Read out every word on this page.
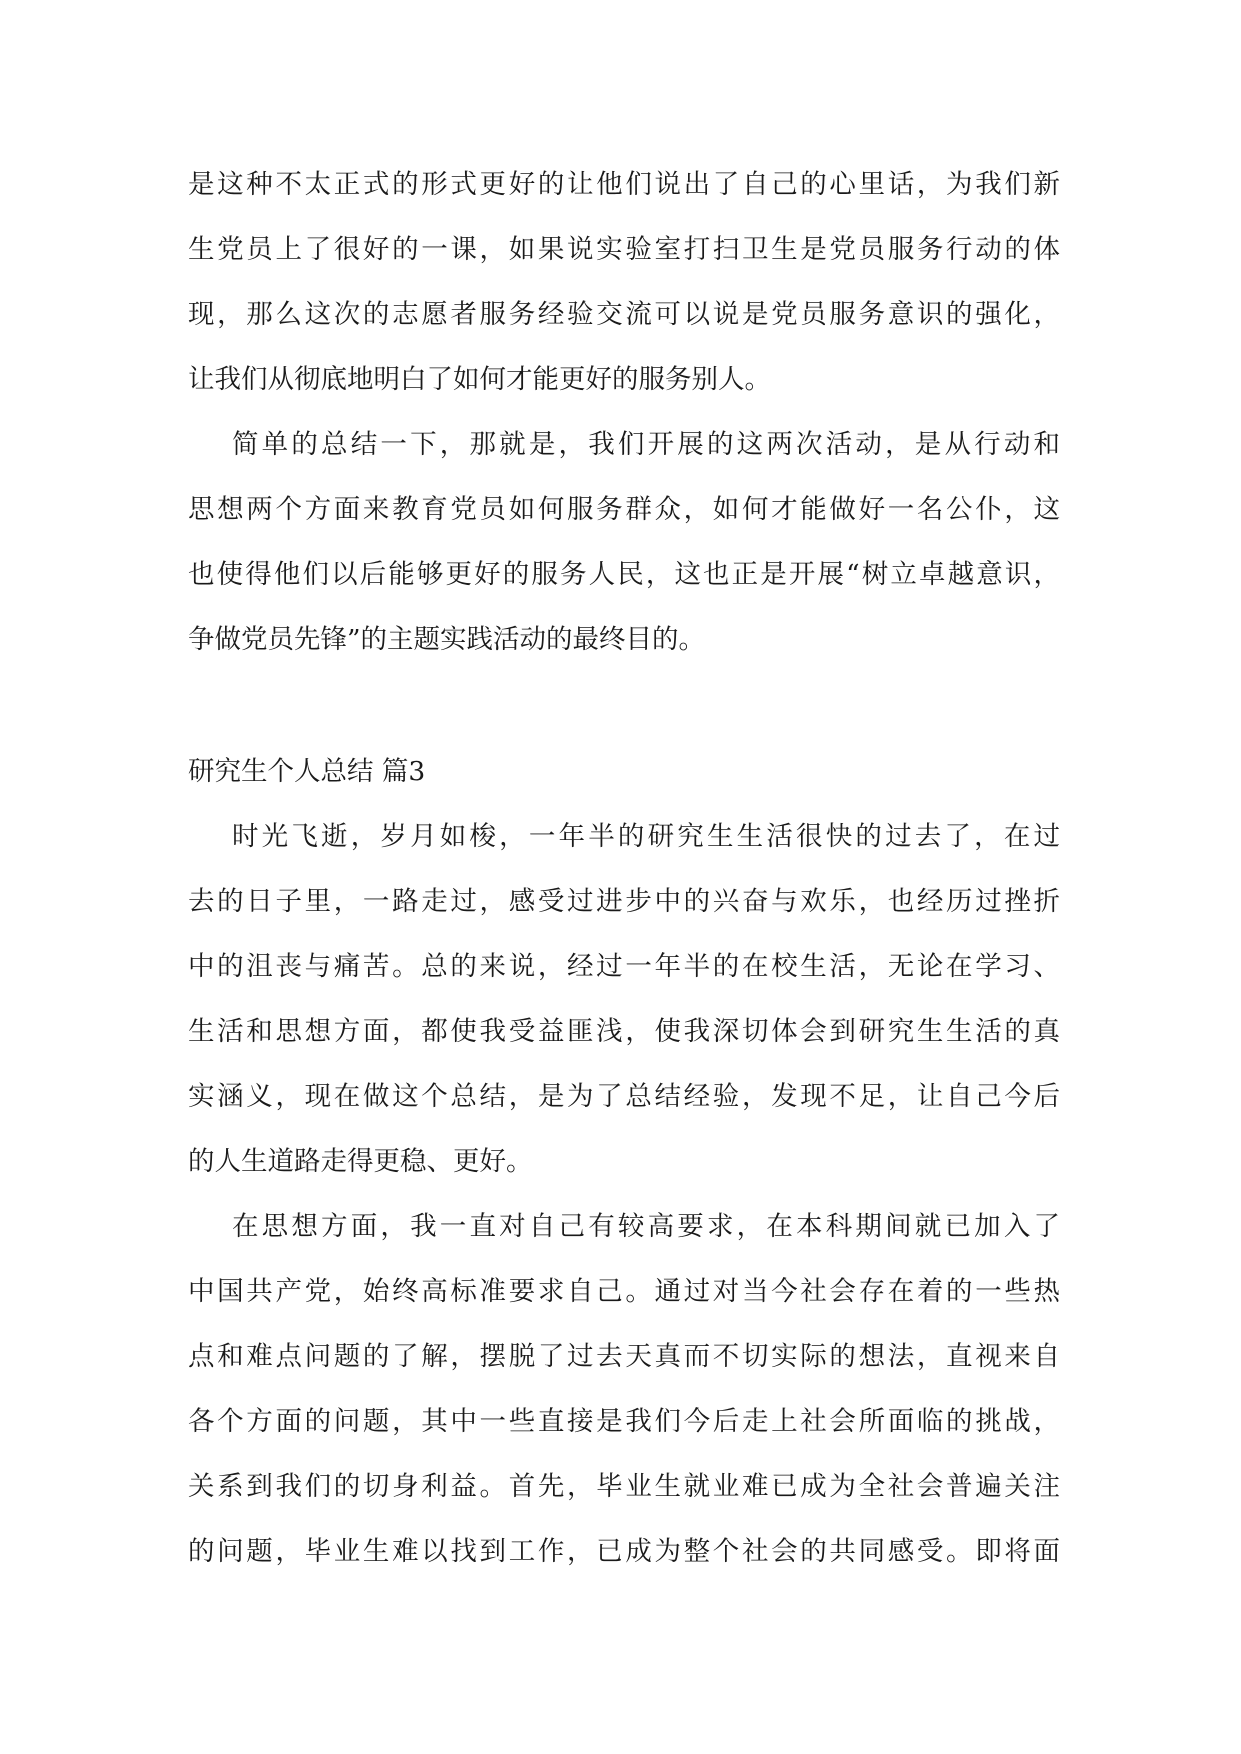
是这种不太正式的形式更好的让他们说出了自己的心里话，为我们新
生党员上了很好的一课，如果说实验室打扫卫生是党员服务行动的体
现，那么这次的志愿者服务经验交流可以说是党员服务意识的强化，
让我们从彻底地明白了如何才能更好的服务别人。
简单的总结一下，那就是，我们开展的这两次活动，是从行动和
思想两个方面来教育党员如何服务群众，如何才能做好一名公仆，这
也使得他们以后能够更好的服务人民，这也正是开展“树立卓越意识，
争做党员先锋”的主题实践活动的最终目的。
研究生个人总结 篇3
时光飞逝，岁月如梭，一年半的研究生生活很快的过去了，在过
去的日子里，一路走过，感受过进步中的兴奋与欢乐，也经历过挫折
中的沮丧与痛苦。总的来说，经过一年半的在校生活，无论在学习、
生活和思想方面，都使我受益匪浅，使我深切体会到研究生生活的真
实涵义，现在做这个总结，是为了总结经验，发现不足，让自己今后
的人生道路走得更稳、更好。
在思想方面，我一直对自己有较高要求，在本科期间就已加入了
中国共产党，始终高标准要求自己。通过对当今社会存在着的一些热
点和难点问题的了解，摆脱了过去天真而不切实际的想法，直视来自
各个方面的问题，其中一些直接是我们今后走上社会所面临的挑战，
关系到我们的切身利益。首先，毕业生就业难已成为全社会普遍关注
的问题，毕业生难以找到工作，已成为整个社会的共同感受。即将面
